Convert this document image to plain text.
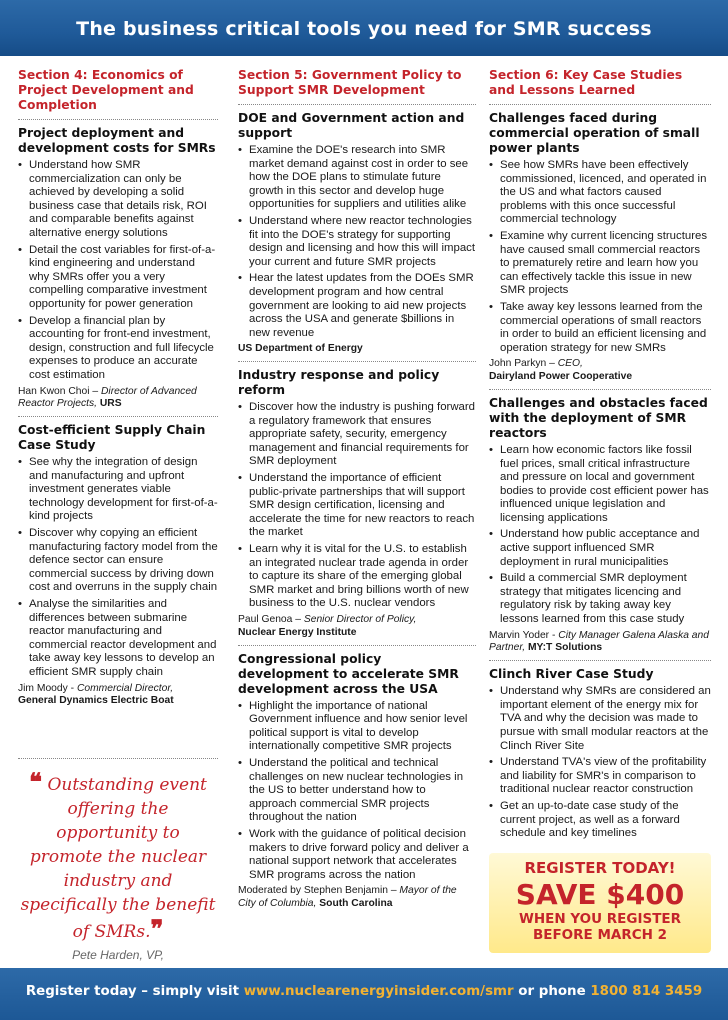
The business critical tools you need for SMR success
Section 4: Economics of Project Development and Completion
Project deployment and development costs for SMRs
• Understand how SMR commercialization can only be achieved by developing a solid business case that details risk, ROI and comparable benefits against alternative energy solutions
• Detail the cost variables for first-of-a-kind engineering and understand why SMRs offer you a very compelling comparative investment opportunity for power generation
• Develop a financial plan by accounting for front-end investment, design, construction and full lifecycle expenses to produce an accurate cost estimation
Han Kwon Choi – Director of Advanced Reactor Projects, URS
Cost-efficient Supply Chain Case Study
• See why the integration of design and manufacturing and upfront investment generates viable technology development for first-of-a-kind projects
• Discover why copying an efficient manufacturing factory model from the defence sector can ensure commercial success by driving down cost and overruns in the supply chain
• Analyse the similarities and differences between submarine reactor manufacturing and commercial reactor development and take away key lessons to develop an efficient SMR supply chain
Jim Moody - Commercial Director,
General Dynamics Electric Boat
❝ Outstanding event offering the opportunity to promote the nuclear industry and specifically the benefit of SMRs.❞
Pete Harden, VP,
Section 5: Government Policy to Support SMR Development
DOE and Government action and support
• Examine the DOE's research into SMR market demand against cost in order to see how the DOE plans to stimulate future growth in this sector and develop huge opportunities for suppliers and utilities alike
• Understand where new reactor technologies fit into the DOE's strategy for supporting design and licensing and how this will impact your current and future SMR projects
• Hear the latest updates from the DOEs SMR development program and how central government are looking to aid new projects across the USA and generate $billions in new revenue
US Department of Energy
Industry response and policy reform
• Discover how the industry is pushing forward a regulatory framework that ensures appropriate safety, security, emergency management and financial requirements for SMR deployment
• Understand the importance of efficient public-private partnerships that will support SMR design certification, licensing and accelerate the time for new reactors to reach the market
• Learn why it is vital for the U.S. to establish an integrated nuclear trade agenda in order to capture its share of the emerging global SMR market and bring billions worth of new business to the U.S. nuclear vendors
Paul Genoa – Senior Director of Policy,
Nuclear Energy Institute
Congressional policy development to accelerate SMR development across the USA
• Highlight the importance of national Government influence and how senior level political support is vital to develop internationally competitive SMR projects
• Understand the political and technical challenges on new nuclear technologies in the US to better understand how to approach commercial SMR projects throughout the nation
• Work with the guidance of political decision makers to drive forward policy and deliver a national support network that accelerates SMR programs across the nation
Moderated by Stephen Benjamin – Mayor of the City of Columbia, South Carolina
Section 6: Key Case Studies and Lessons Learned
Challenges faced during commercial operation of small power plants
• See how SMRs have been effectively commissioned, licenced, and operated in the US and what factors caused problems with this once successful commercial technology
• Examine why current licencing structures have caused small commercial reactors to prematurely retire and learn how you can effectively tackle this issue in new SMR projects
• Take away key lessons learned from the commercial operations of small reactors in order to build an efficient licensing and operation strategy for new SMRs
John Parkyn – CEO,
Dairyland Power Cooperative
Challenges and obstacles faced with the deployment of SMR reactors
• Learn how economic factors like fossil fuel prices, small critical infrastructure and pressure on local and government bodies to provide cost efficient power has influenced unique legislation and licensing applications
• Understand how public acceptance and active support influenced SMR deployment in rural municipalities
• Build a commercial SMR deployment strategy that mitigates licencing and regulatory risk by taking away key lessons learned from this case study
Marvin Yoder - City Manager Galena Alaska and Partner, MY:T Solutions
Clinch River Case Study
• Understand why SMRs are considered an important element of the energy mix for TVA and why the decision was made to pursue with small modular reactors at the Clinch River Site
• Understand TVA's view of the profitability and liability for SMR's in comparison to traditional nuclear reactor construction
• Get an up-to-date case study of the current project, as well as a forward schedule and key timelines
REGISTER TODAY!
SAVE $400
WHEN YOU REGISTER BEFORE MARCH 2
Register today – simply visit www.nuclearenergyinsider.com/smr or phone 1800 814 3459
